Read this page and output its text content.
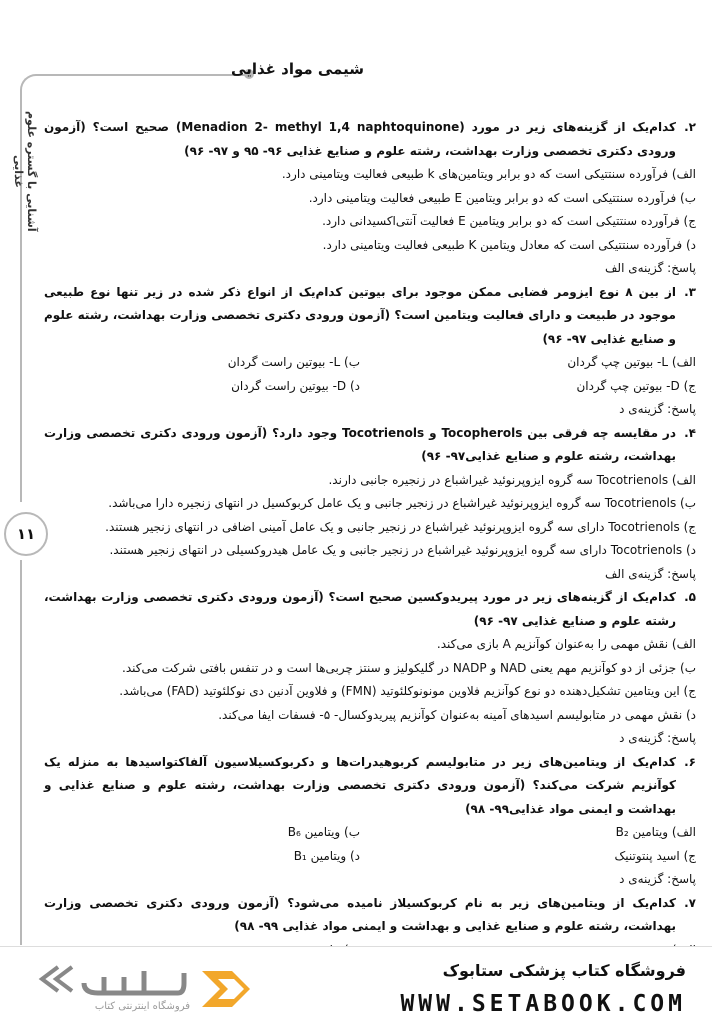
شیمی مواد غذایی
آشنایی با گستره علوم غذایی
۱۱
۲.
کدام‌یک از گزینه‌های زیر در مورد (Menadion 2- methyl 1,4 naphtoquinone) صحیح است؟ (آزمون ورودی دکتری تخصصی وزارت بهداشت، رشته علوم و صنایع غذایی ۹۶- ۹۵ و ۹۷- ۹۶)
الف) فرآورده سنتتیکی است که دو برابر ویتامین‌های k طبیعی فعالیت ویتامینی دارد.
ب) فرآورده سنتتیکی است که دو برابر ویتامین E طبیعی فعالیت ویتامینی دارد.
ج) فرآورده سنتتیکی است که دو برابر ویتامین E فعالیت آنتی‌اکسیدانی دارد.
د) فرآورده سنتتیکی است که معادل ویتامین K طبیعی فعالیت ویتامینی دارد.
پاسخ: گزینه‌ی الف
۳.
از بین ۸ نوع ایزومر فضایی ممکن موجود برای بیوتین کدام‌یک از انواع ذکر شده در زیر تنها نوع طبیعی موجود در طبیعت و دارای فعالیت ویتامین است؟ (آزمون ورودی دکتری تخصصی وزارت بهداشت، رشته علوم و صنایع غذایی ۹۷- ۹۶)
الف) L- بیوتین چپ گردان
ب) L- بیوتین راست گردان
ج) D- بیوتین چپ گردان
د) D- بیوتین راست گردان
پاسخ: گزینه‌ی د
۴.
در مقایسه چه فرقی بین Tocopherols و Tocotrienols وجود دارد؟ (آزمون ورودی دکتری تخصصی وزارت بهداشت، رشته علوم و صنایع غذایی۹۷- ۹۶)
الف) Tocotrienols سه گروه ایزوپرنوئید غیراشباع در زنجیره جانبی دارند.
ب) Tocotrienols سه گروه ایزوپرنوئید غیراشباع در زنجیر جانبی و یک عامل کربوکسیل در انتهای زنجیره دارا می‌باشد.
ج) Tocotrienols دارای سه گروه ایزوپرنوئید غیراشباع در زنجیر جانبی و یک عامل آمینی اضافی در انتهای زنجیر هستند.
د) Tocotrienols دارای سه گروه ایزوپرنوئید غیراشباع در زنجیر جانبی و یک عامل هیدروکسیلی در انتهای زنجیر هستند.
پاسخ: گزینه‌ی الف
۵.
کدام‌یک از گزینه‌های زیر در مورد پیریدوکسین صحیح است؟ (آزمون ورودی دکتری تخصصی وزارت بهداشت، رشته علوم و صنایع غذایی ۹۷- ۹۶)
الف) نقش مهمی را به‌عنوان کوآنزیم A بازی می‌کند.
ب) جزئی از دو کوآنزیم مهم یعنی NAD و NADP در گلیکولیز و سنتز چربی‌ها است و در تنفس بافتی شرکت می‌کند.
ج) این ویتامین تشکیل‌دهنده دو نوع کوآنزیم فلاوین مونونوکلئوتید (FMN) و فلاوین آدنین دی نوکلئوتید (FAD) می‌باشد.
د) نقش مهمی در متابولیسم اسیدهای آمینه به‌عنوان کوآنزیم پیریدوکسال- ۵- فسفات ایفا می‌کند.
پاسخ: گزینه‌ی د
۶.
کدام‌یک از ویتامین‌های زیر در متابولیسم کربوهیدرات‌ها و دکربوکسیلاسیون آلفاکتواسیدها به منزله یک کوآنزیم شرکت می‌کند؟ (آزمون ورودی دکتری تخصصی وزارت بهداشت، رشته علوم و صنایع غذایی و بهداشت و ایمنی مواد غذایی۹۹- ۹۸)
الف) ویتامین B₂
ب) ویتامین B₆
ج) اسید پنتوتنیک
د) ویتامین B₁
پاسخ: گزینه‌ی د
۷.
کدام‌یک از ویتامین‌های زیر به نام کربوکسیلاز نامیده می‌شود؟ (آزمون ورودی دکتری تخصصی وزارت بهداشت، رشته علوم و صنایع غذایی و بهداشت و ایمنی مواد غذایی ۹۹- ۹۸)
فروشگاه کتاب پزشکی ستابوک
WWW.SETABOOK.COM
فروشگاه اینترنتی کتاب
